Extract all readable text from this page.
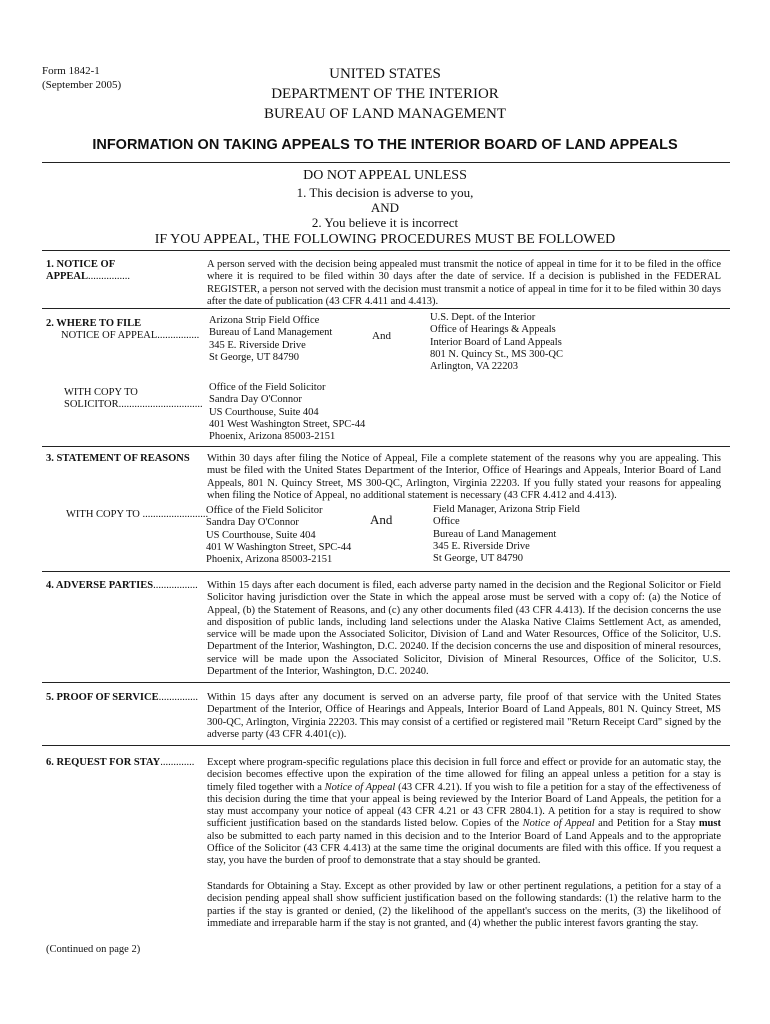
Form 1842-1
(September 2005)
UNITED STATES
DEPARTMENT OF THE INTERIOR
BUREAU OF LAND MANAGEMENT
INFORMATION ON TAKING APPEALS TO THE INTERIOR BOARD OF LAND APPEALS
DO NOT APPEAL UNLESS
1. This decision is adverse to you,
AND
2. You believe it is incorrect
IF YOU APPEAL, THE FOLLOWING PROCEDURES MUST BE FOLLOWED
1. NOTICE OF
APPEAL................
A person served with the decision being appealed must transmit the notice of appeal in time for it to be filed in the office where it is required to be filed within 30 days after the date of service. If a decision is published in the FEDERAL REGISTER, a person not served with the decision must transmit a notice of appeal in time for it to be filed within 30 days after the date of publication (43 CFR 4.411 and 4.413).
2. WHERE TO FILE
NOTICE OF APPEAL................
Arizona Strip Field Office
Bureau of Land Management
345 E. Riverside Drive
St George, UT 84790
And
U.S. Dept. of the Interior
Office of Hearings & Appeals
Interior Board of Land Appeals
801 N. Quincy St., MS 300-QC
Arlington, VA 22203
WITH COPY TO
SOLICITOR................................
Office of the Field Solicitor
Sandra Day O'Connor
US Courthouse, Suite 404
401 West Washington Street, SPC-44
Phoenix, Arizona 85003-2151
3. STATEMENT OF REASONS Within 30 days after filing the Notice of Appeal, File a complete statement of the reasons why you are appealing. This must be filed with the United States Department of the Interior, Office of Hearings and Appeals, Interior Board of Land Appeals, 801 N. Quincy Street, MS 300-QC, Arlington, Virginia 22203. If you fully stated your reasons for appealing when filing the Notice of Appeal, no additional statement is necessary (43 CFR 4.412 and 4.413).
WITH COPY TO .........................
Office of the Field Solicitor
Sandra Day O'Connor
US Courthouse, Suite 404
401 W Washington Street, SPC-44
Phoenix, Arizona 85003-2151
And
Field Manager, Arizona Strip Field
Office
Bureau of Land Management
345 E. Riverside Drive
St George, UT 84790
4. ADVERSE PARTIES................. Within 15 days after each document is filed, each adverse party named in the decision and the Regional Solicitor or Field Solicitor having jurisdiction over the State in which the appeal arose must be served with a copy of: (a) the Notice of Appeal, (b) the Statement of Reasons, and (c) any other documents filed (43 CFR 4.413). If the decision concerns the use and disposition of public lands, including land selections under the Alaska Native Claims Settlement Act, as amended, service will be made upon the Associated Solicitor, Division of Land and Water Resources, Office of the Solicitor, U.S. Department of the Interior, Washington, D.C. 20240. If the decision concerns the use and disposition of mineral resources, service will be made upon the Associated Solicitor, Division of Mineral Resources, Office of the Solicitor, U.S. Department of the Interior, Washington, D.C. 20240.
5. PROOF OF SERVICE............... Within 15 days after any document is served on an adverse party, file proof of that service with the United States Department of the Interior, Office of Hearings and Appeals, Interior Board of Land Appeals, 801 N. Quincy Street, MS 300-QC, Arlington, Virginia 22203. This may consist of a certified or registered mail "Return Receipt Card" signed by the adverse party (43 CFR 4.401(c)).
6. REQUEST FOR STAY............. Except where program-specific regulations place this decision in full force and effect or provide for an automatic stay, the decision becomes effective upon the expiration of the time allowed for filing an appeal unless a petition for a stay is timely filed together with a Notice of Appeal (43 CFR 4.21). If you wish to file a petition for a stay of the effectiveness of this decision during the time that your appeal is being reviewed by the Interior Board of Land Appeals, the petition for a stay must accompany your notice of appeal (43 CFR 4.21 or 43 CFR 2804.1). A petition for a stay is required to show sufficient justification based on the standards listed below. Copies of the Notice of Appeal and Petition for a Stay must also be submitted to each party named in this decision and to the Interior Board of Land Appeals and to the appropriate Office of the Solicitor (43 CFR 4.413) at the same time the original documents are filed with this office. If you request a stay, you have the burden of proof to demonstrate that a stay should be granted.
Standards for Obtaining a Stay. Except as other provided by law or other pertinent regulations, a petition for a stay of a decision pending appeal shall show sufficient justification based on the following standards: (1) the relative harm to the parties if the stay is granted or denied, (2) the likelihood of the appellant's success on the merits, (3) the likelihood of immediate and irreparable harm if the stay is not granted, and (4) whether the public interest favors granting the stay.
(Continued on page 2)
